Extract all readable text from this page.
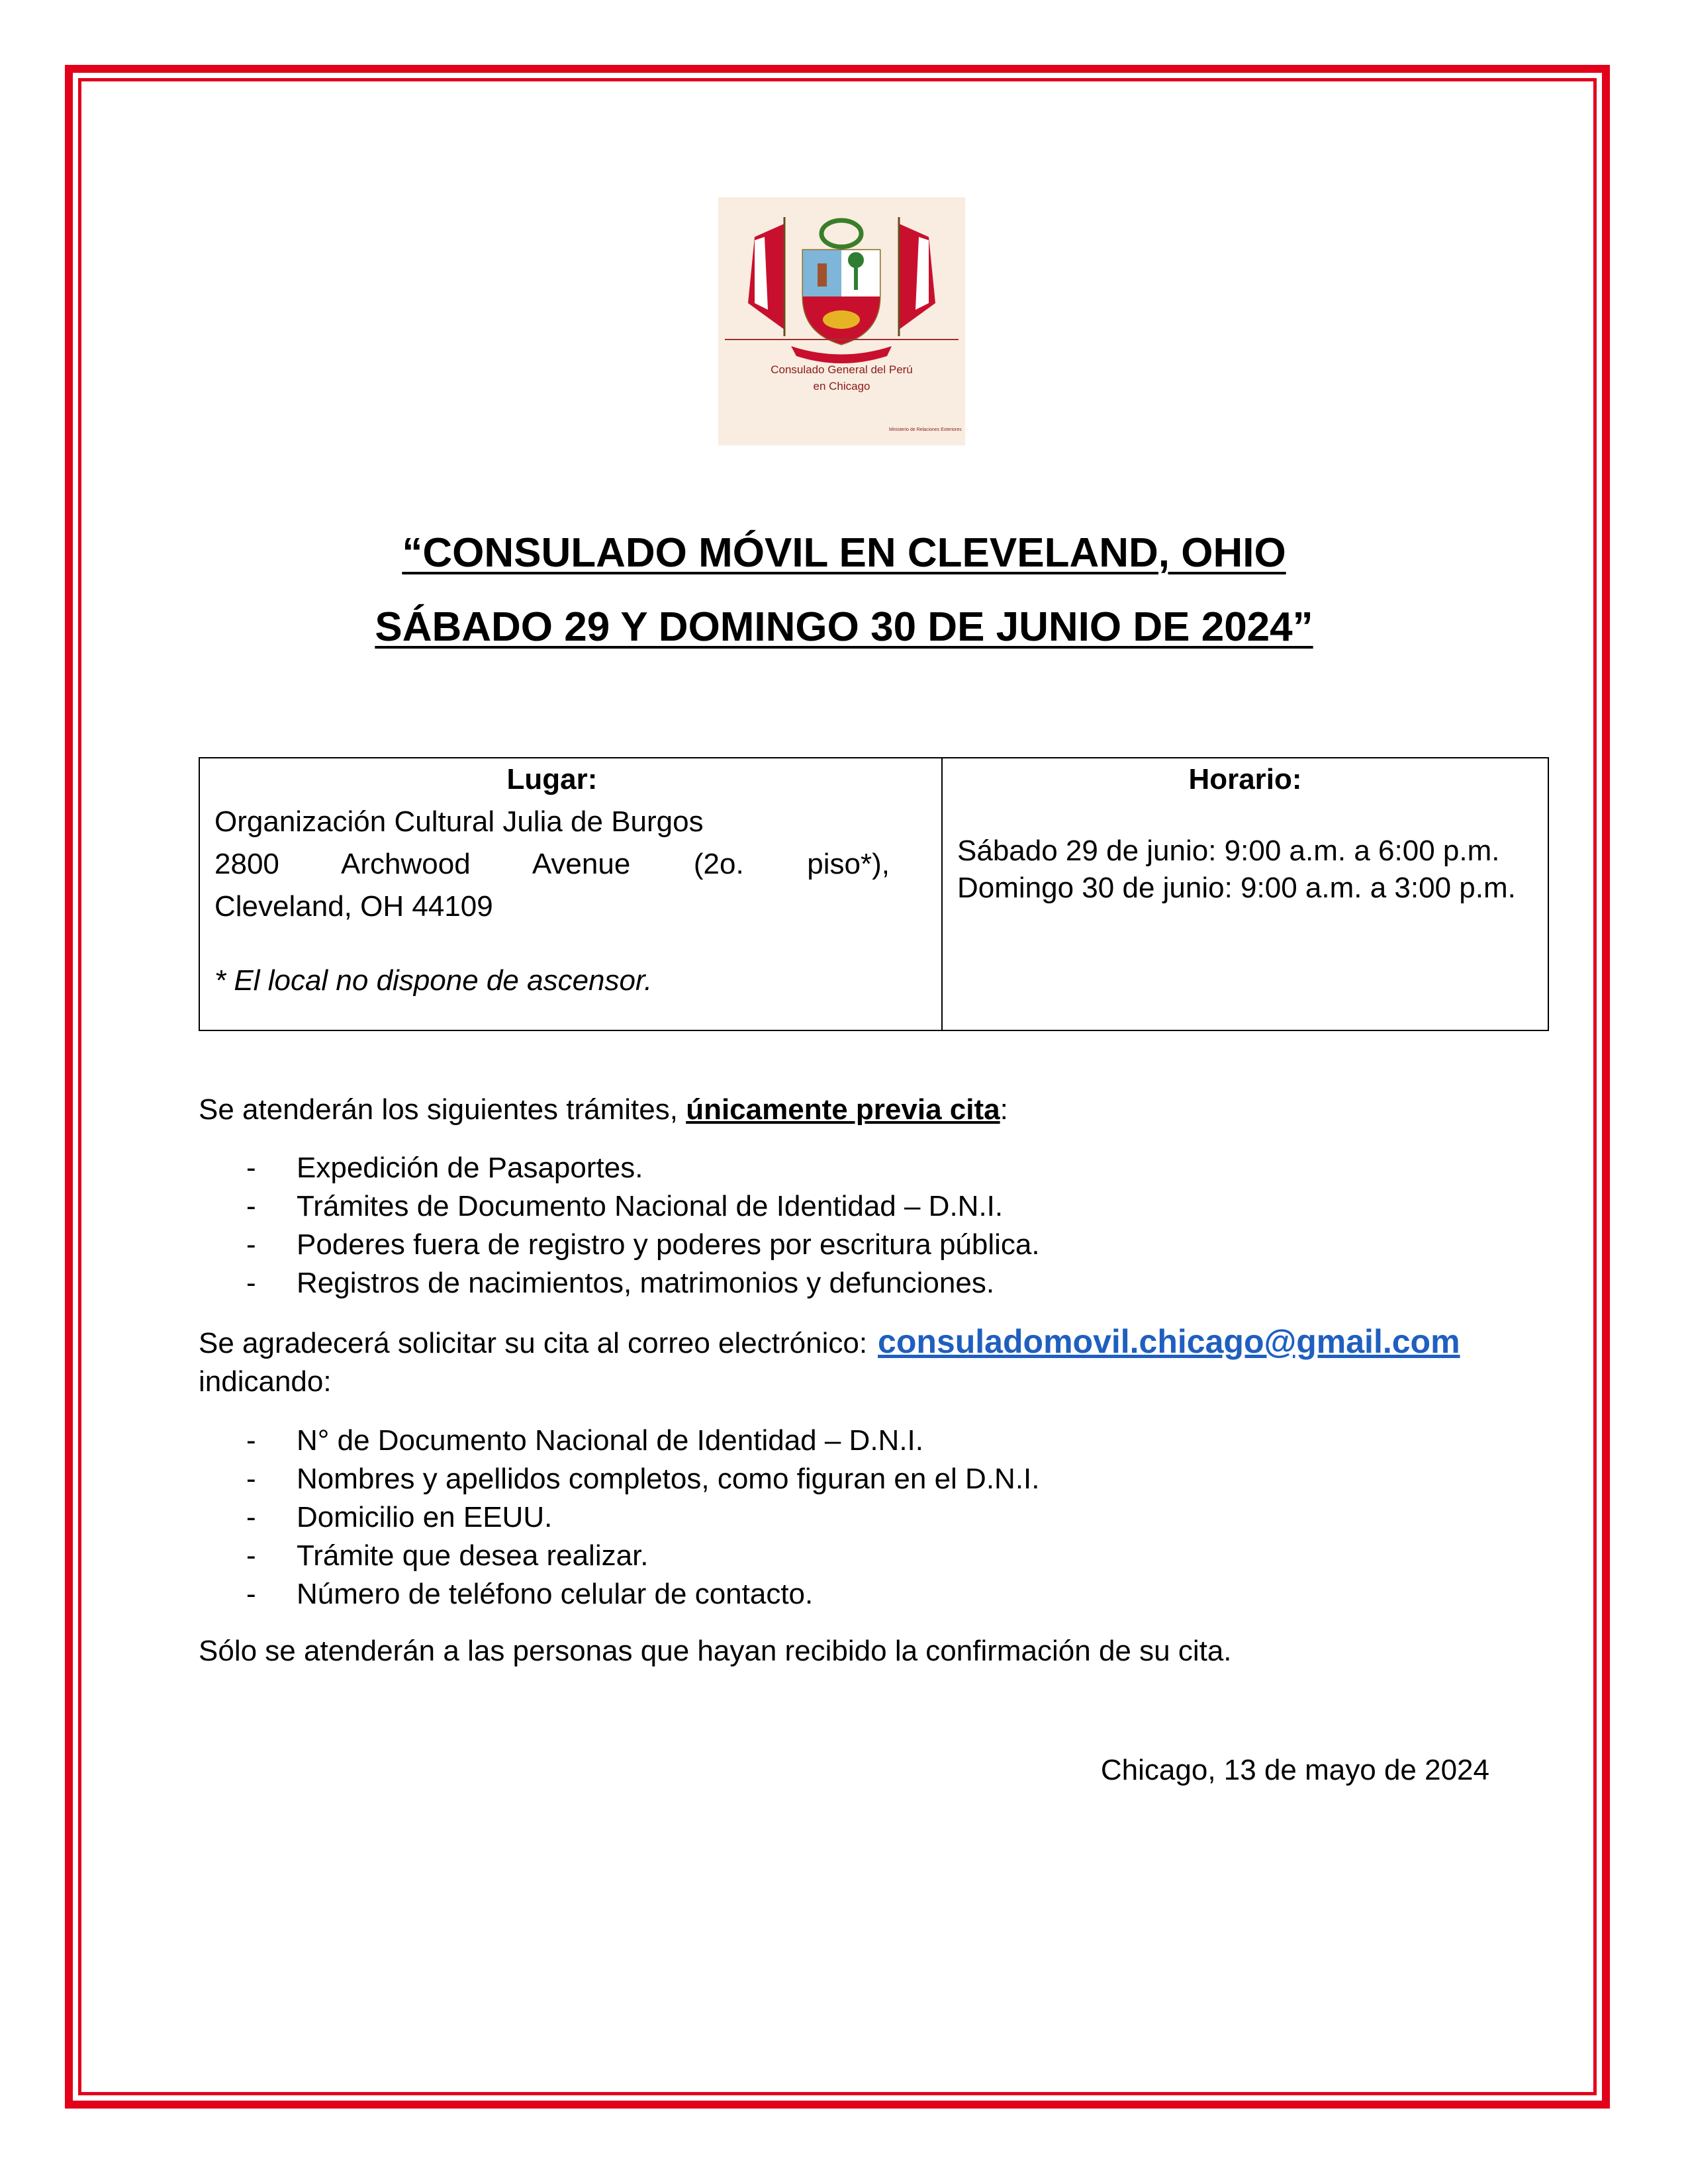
Consulado General del Perú
en Chicago
Ministerio de Relaciones Exteriores
“CONSULADO MÓVIL EN CLEVELAND, OHIO
SÁBADO 29 Y DOMINGO 30 DE JUNIO DE 2024”
Lugar:
Organización Cultural Julia de Burgos
2800 Archwood Avenue (2o. piso*),
Cleveland, OH 44109
* El local no dispone de ascensor.

Horario:
Sábado 29 de junio: 9:00 a.m. a 6:00 p.m.
Domingo 30 de junio: 9:00 a.m. a 3:00 p.m.
Se atenderán los siguientes trámites, únicamente previa cita:
- Expedición de Pasaportes.
- Trámites de Documento Nacional de Identidad – D.N.I.
- Poderes fuera de registro y poderes por escritura pública.
- Registros de nacimientos, matrimonios y defunciones.
Se agradecerá solicitar su cita al correo electrónico: consuladomovil.chicago@gmail.com
indicando:
- N° de Documento Nacional de Identidad – D.N.I.
- Nombres y apellidos completos, como figuran en el D.N.I.
- Domicilio en EEUU.
- Trámite que desea realizar.
- Número de teléfono celular de contacto.
Sólo se atenderán a las personas que hayan recibido la confirmación de su cita.
Chicago, 13 de mayo de 2024
